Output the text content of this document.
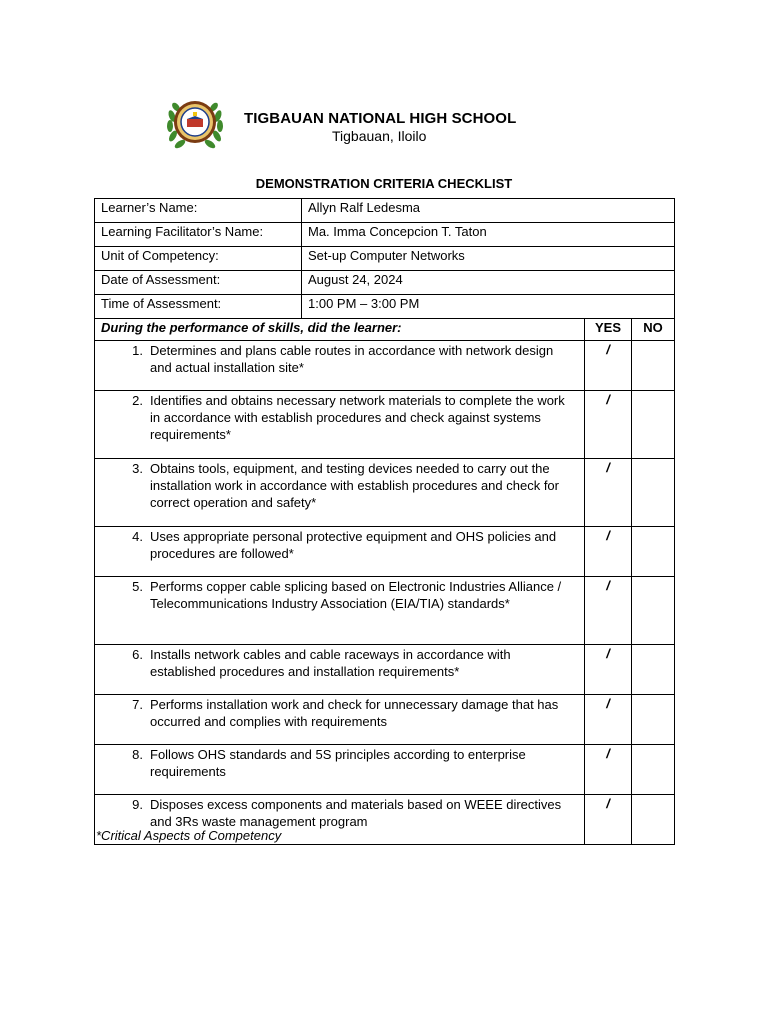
TIGBAUAN NATIONAL HIGH SCHOOL
Tigbauan, Iloilo
DEMONSTRATION CRITERIA CHECKLIST
Learner’s Name:	Allyn Ralf Ledesma		
Learning Facilitator’s Name:	Ma. Imma Concepcion T. Taton		
Unit of Competency:	Set-up Computer Networks		
Date of Assessment:	August 24, 2024		
Time of Assessment:	1:00 PM – 3:00 PM		
During the performance of skills, did the learner:		YES	NO

1. Determines and plans cable routes in accordance with network design and actual installation site*		/	

2. Identifies and obtains necessary network materials to complete the work in accordance with establish procedures and check against systems requirements*		/	

3. Obtains tools, equipment, and testing devices needed to carry out the installation work in accordance with establish procedures and check for correct operation and safety*		/	

4. Uses appropriate personal protective equipment and OHS policies and procedures are followed*		/	

5. Performs copper cable splicing based on Electronic Industries Alliance / Telecommunications Industry Association (EIA/TIA) standards*		/	

6. Installs network cables and cable raceways in accordance with established procedures and installation requirements*		/	

7. Performs installation work and check for unnecessary damage that has occurred and complies with requirements		/	

8. Follows OHS standards and 5S principles according to enterprise requirements		/	

9. Disposes excess components and materials based on WEEE directives and 3Rs waste management program		/	
*Critical Aspects of Competency
